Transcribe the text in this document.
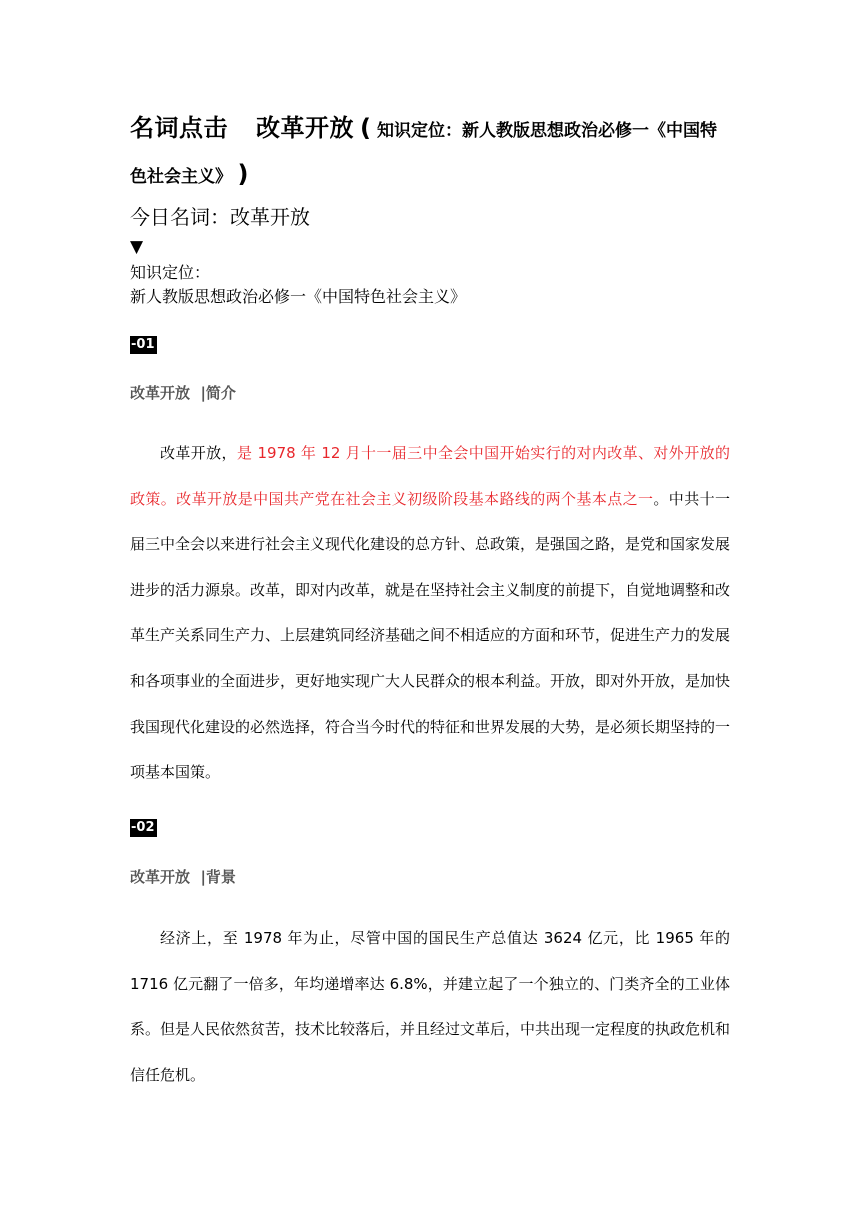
名词点击 改革开放 ( 知识定位：新人教版思想政治必修一《中国特
色社会主义》 )
今日名词：改革开放
▼
知识定位：
新人教版思想政治必修一《中国特色社会主义》
-01
改革开放  |简介
改革开放，是 1978 年 12 月十一届三中全会中国开始实行的对内改革、对外开放的政策。改革开放是中国共产党在社会主义初级阶段基本路线的两个基本点之一。中共十一届三中全会以来进行社会主义现代化建设的总方针、总政策，是强国之路，是党和国家发展进步的活力源泉。改革，即对内改革，就是在坚持社会主义制度的前提下，自觉地调整和改革生产关系同生产力、上层建筑同经济基础之间不相适应的方面和环节，促进生产力的发展和各项事业的全面进步，更好地实现广大人民群众的根本利益。开放，即对外开放，是加快我国现代化建设的必然选择，符合当今时代的特征和世界发展的大势，是必须长期坚持的一项基本国策。
-02
改革开放  |背景
经济上，至 1978 年为止，尽管中国的国民生产总值达 3624 亿元，比 1965 年的 1716 亿元翻了一倍多，年均递增率达 6.8%，并建立起了一个独立的、门类齐全的工业体系。但是人民依然贫苦，技术比较落后，并且经过文革后，中共出现一定程度的执政危机和信任危机。
